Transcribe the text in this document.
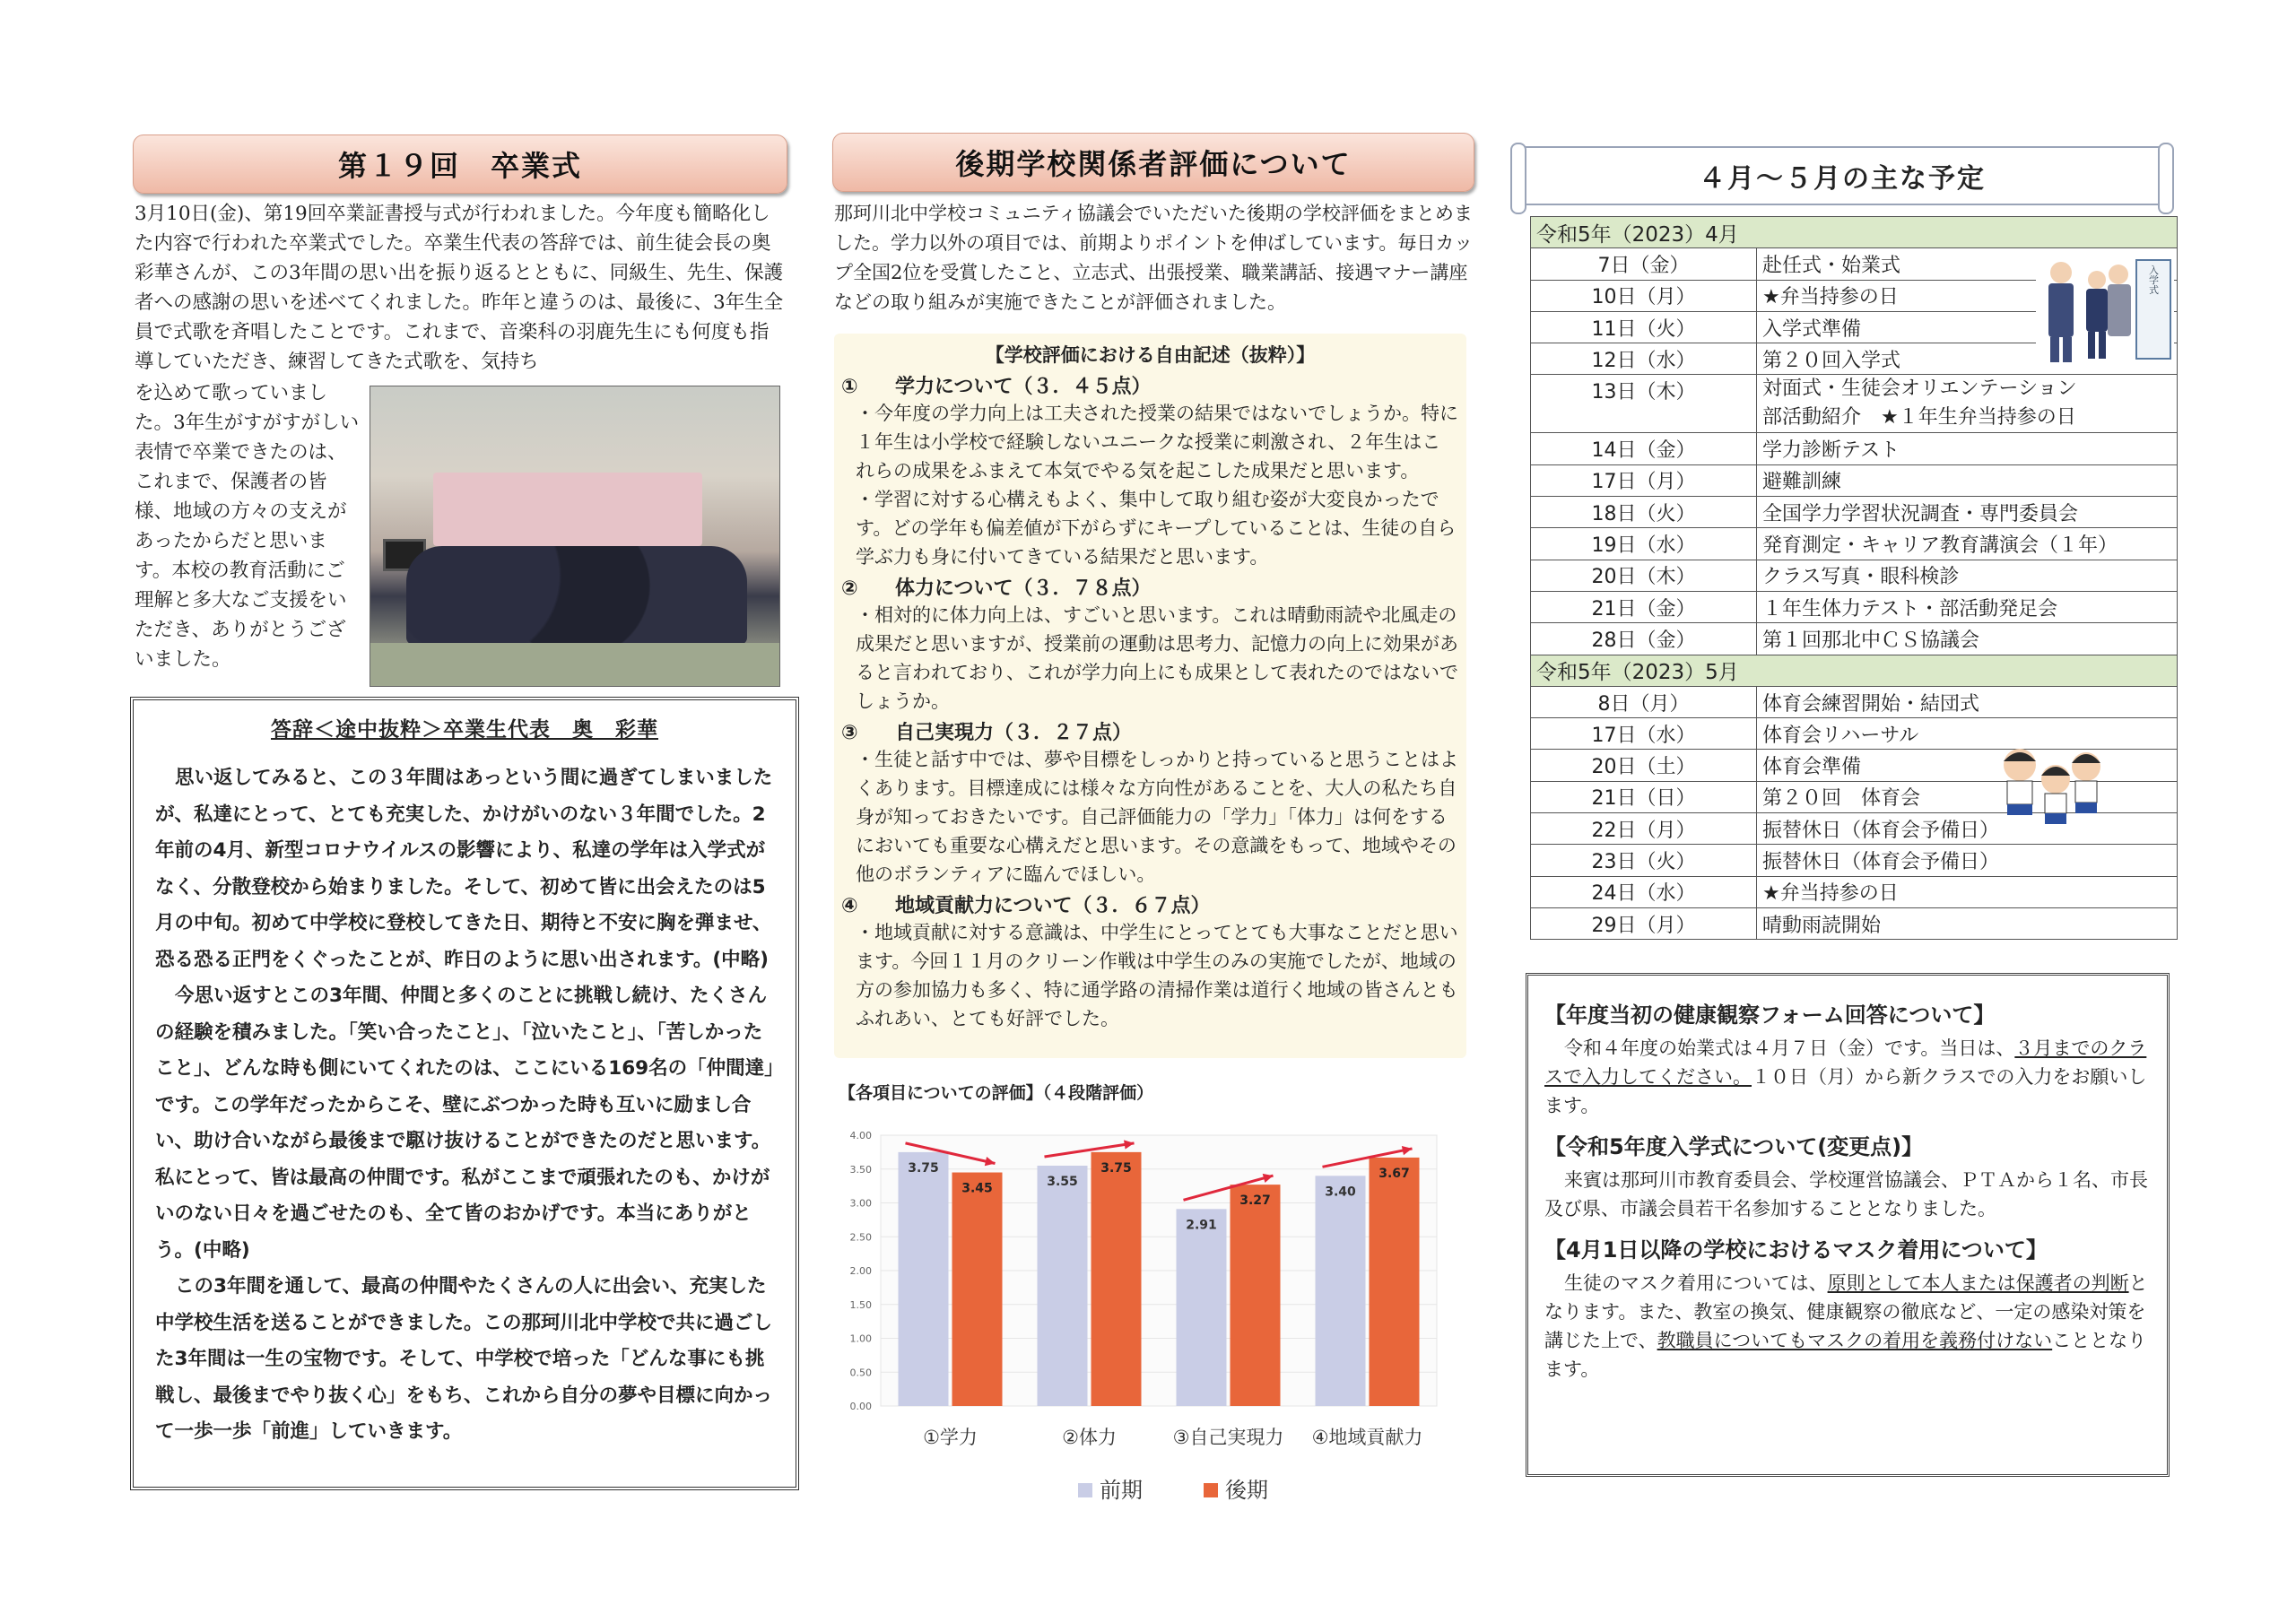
第１９回　卒業式
3月10日(金)、第19回卒業証書授与式が行われました。今年度も簡略化した内容で行われた卒業式でした。卒業生代表の答辞では、前生徒会長の奥彩華さんが、この3年間の思い出を振り返るとともに、同級生、先生、保護者への感謝の思いを述べてくれました。昨年と違うのは、最後に、3年生全員で式歌を斉唱したことです。これまで、音楽科の羽鹿先生にも何度も指導していただき、練習してきた式歌を、気持ち
を込めて歌っていました。3年生がすがすがしい表情で卒業できたのは、これまで、保護者の皆様、地域の方々の支えがあったからだと思います。本校の教育活動にご理解と多大なご支援をいただき、ありがとうございました。
答辞＜途中抜粋＞卒業生代表　奥　彩華

思い返してみると、この３年間はあっという間に過ぎてしまいましたが、私達にとって、とても充実した、かけがいのない３年間でした。2年前の4月、新型コロナウイルスの影響により、私達の学年は入学式がなく、分散登校から始まりました。そして、初めて皆に出会えたのは5月の中旬。初めて中学校に登校してきた日、期待と不安に胸を弾ませ、恐る恐る正門をくぐったことが、昨日のように思い出されます。(中略)

今思い返すとこの3年間、仲間と多くのことに挑戦し続け、たくさんの経験を積みました。「笑い合ったこと」、「泣いたこと」、「苦しかったこと」、どんな時も側にいてくれたのは、ここにいる169名の「仲間達」です。この学年だったからこそ、壁にぶつかった時も互いに励まし合い、助け合いながら最後まで駆け抜けることができたのだと思います。私にとって、皆は最高の仲間です。私がここまで頑張れたのも、かけがいのない日々を過ごせたのも、全て皆のおかげです。本当にありがとう。(中略)

この3年間を通して、最高の仲間やたくさんの人に出会い、充実した中学校生活を送ることができました。この那珂川北中学校で共に過ごした3年間は一生の宝物です。そして、中学校で培った「どんな事にも挑戦し、最後までやり抜く心」をもち、これから自分の夢や目標に向かって一歩一歩「前進」していきます。

後期学校関係者評価について
那珂川北中学校コミュニティ協議会でいただいた後期の学校評価をまとめました。学力以外の項目では、前期よりポイントを伸ばしています。毎日カップ全国2位を受賞したこと、立志式、出張授業、職業講話、接遇マナー講座などの取り組みが実施できたことが評価されました。
【学校評価における自由記述（抜粋）】
① 学力について（３．４５点）
・今年度の学力向上は工夫された授業の結果ではないでしょうか。特に１年生は小学校で経験しないユニークな授業に刺激され、２年生はこれらの成果をふまえて本気でやる気を起こした成果だと思います。
・学習に対する心構えもよく、集中して取り組む姿が大変良かったです。どの学年も偏差値が下がらずにキープしていることは、生徒の自ら学ぶ力も身に付いてきている結果だと思います。
② 体力について（３．７８点）
・相対的に体力向上は、すごいと思います。これは晴動雨読や北風走の成果だと思いますが、授業前の運動は思考力、記憶力の向上に効果があると言われており、これが学力向上にも成果として表れたのではないでしょうか。
③ 自己実現力（３．２７点）
・生徒と話す中では、夢や目標をしっかりと持っていると思うことはよくあります。目標達成には様々な方向性があることを、大人の私たち自身が知っておきたいです。自己評価能力の「学力」「体力」は何をするにおいても重要な心構えだと思います。その意識をもって、地域やその他のボランティアに臨んでほしい。
④ 地域貢献力について（３．６７点）
・地域貢献に対する意識は、中学生にとってとても大事なことだと思います。今回１１月のクリーン作戦は中学生のみの実施でしたが、地域の方の参加協力も多く、特に通学路の清掃作業は道行く地域の皆さんともふれあい、とても好評でした。
【各項目についての評価】（４段階評価）
0.00
0.50
1.00
1.50
2.00
2.50
3.00
3.50
4.00
3.75
3.45
①学力
3.55
3.75
②体力
2.91
3.27
③自己実現力
3.40
3.67
④地域貢献力
前期	後期
４月～５月の主な予定
令和5年（2023）4月	
7日（金）	赴任式・始業式
10日（月）	★弁当持参の日
11日（火）	入学式準備
12日（水）	第２０回入学式
13日（木）	対面式・生徒会オリエンテーション
部活動紹介　★１年生弁当持参の日
14日（金）	学力診断テスト
17日（月）	避難訓練
18日（火）	全国学力学習状況調査・専門委員会
19日（水）	発育測定・キャリア教育講演会（１年）
20日（木）	クラス写真・眼科検診
21日（金）	１年生体力テスト・部活動発足会
28日（金）	第１回那北中ＣＳ協議会
令和5年（2023）5月	
8日（月）	体育会練習開始・結団式
17日（水）	体育会リハーサル
20日（土）	体育会準備
21日（日）	第２０回　体育会
22日（月）	振替休日（体育会予備日）
23日（火）	振替休日（体育会予備日）
24日（水）	★弁当持参の日
29日（月）	晴動雨読開始
入学式
【年度当初の健康観察フォーム回答について】

令和４年度の始業式は４月７日（金）です。当日は、３月までのクラスで入力してください。１０日（月）から新クラスでの入力をお願いします。

【令和5年度入学式について(変更点)】

来賓は那珂川市教育委員会、学校運営協議会、ＰＴＡから１名、市長及び県、市議会員若干名参加することとなりました。

【4月1日以降の学校におけるマスク着用について】

生徒のマスク着用については、原則として本人または保護者の判断となります。また、教室の換気、健康観察の徹底など、一定の感染対策を講じた上で、教職員についてもマスクの着用を義務付けないこととなります。
